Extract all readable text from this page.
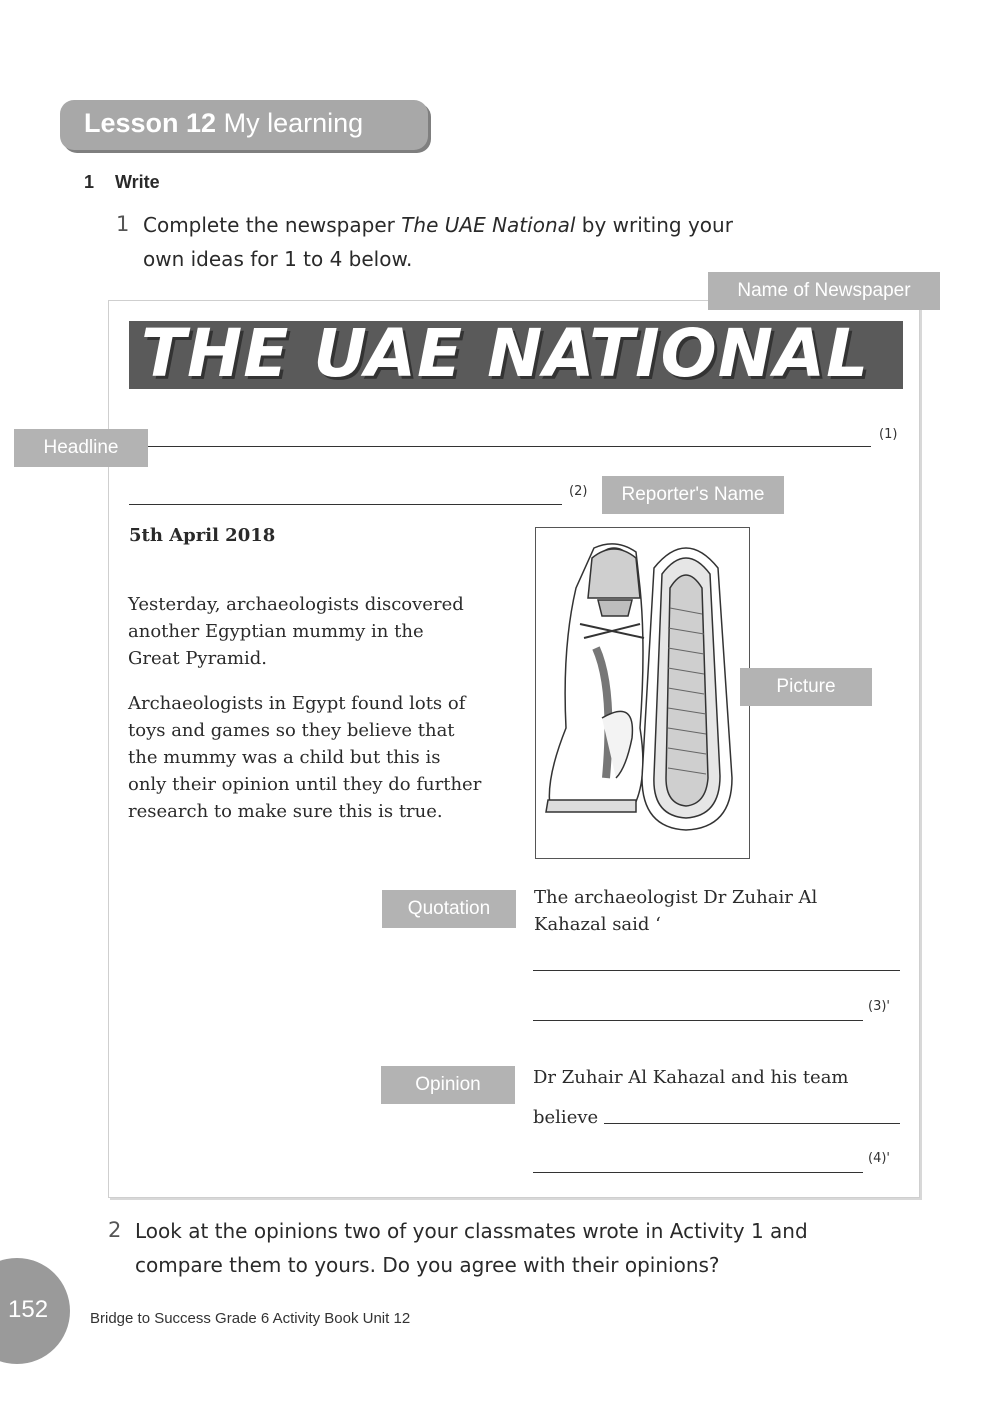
Lesson 12 My learning
1 Write
1 Complete the newspaper The UAE National by writing your
own ideas for 1 to 4 below.
Name of Newspaper
THE UAE NATIONAL
Headline
(1)
(2)	Reporter's Name
5th April 2018
Yesterday, archaeologists discovered
another Egyptian mummy in the
Great Pyramid.
Archaeologists in Egypt found lots of
toys and games so they believe that
the mummy was a child but this is
only their opinion until they do further
research to make sure this is true.
Picture
Quotation
The archaeologist Dr Zuhair Al
Kahazal said ‘
(3)'
Opinion	Dr Zuhair Al Kahazal and his team
believe
(4)'
2 Look at the opinions two of your classmates wrote in Activity 1 and
compare them to yours. Do you agree with their opinions?
152	Bridge to Success Grade 6 Activity Book Unit 12
